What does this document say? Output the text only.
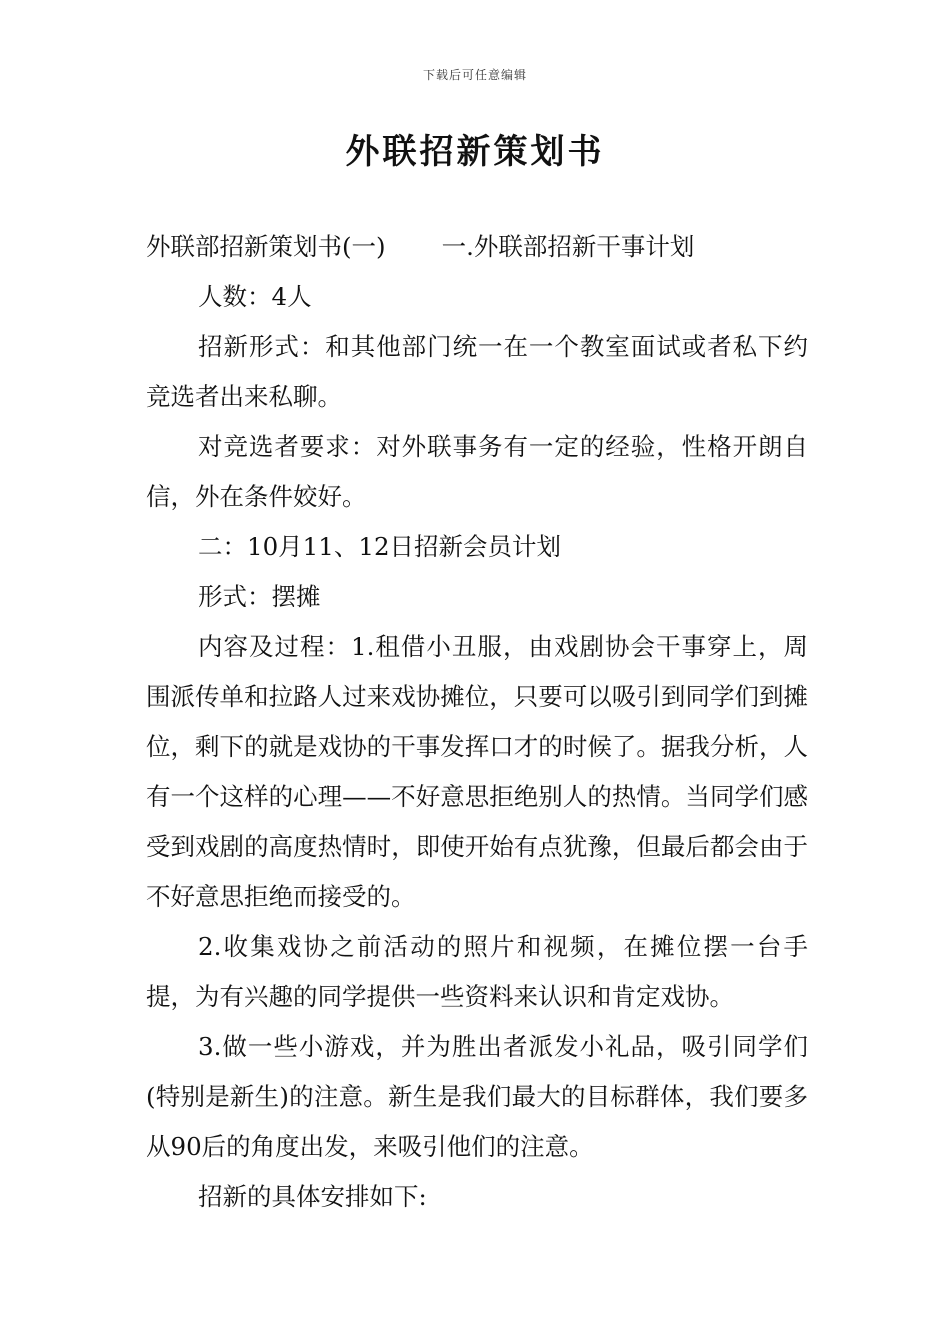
下载后可任意编辑
外联招新策划书

外联部招新策划书(一) 一.外联部招新干事计划

人数：4人

招新形式：和其他部门统一在一个教室面试或者私下约竞选者出来私聊。

对竞选者要求：对外联事务有一定的经验，性格开朗自信，外在条件姣好。

二：10月11、12日招新会员计划

形式：摆摊

内容及过程：1.租借小丑服，由戏剧协会干事穿上，周围派传单和拉路人过来戏协摊位，只要可以吸引到同学们到摊位，剩下的就是戏协的干事发挥口才的时候了。据我分析，人有一个这样的心理——不好意思拒绝别人的热情。当同学们感受到戏剧的高度热情时，即使开始有点犹豫，但最后都会由于不好意思拒绝而接受的。

2.收集戏协之前活动的照片和视频，在摊位摆一台手提，为有兴趣的同学提供一些资料来认识和肯定戏协。

3.做一些小游戏，并为胜出者派发小礼品，吸引同学们(特别是新生)的注意。新生是我们最大的目标群体，我们要多从90后的角度出发，来吸引他们的注意。

招新的具体安排如下:
